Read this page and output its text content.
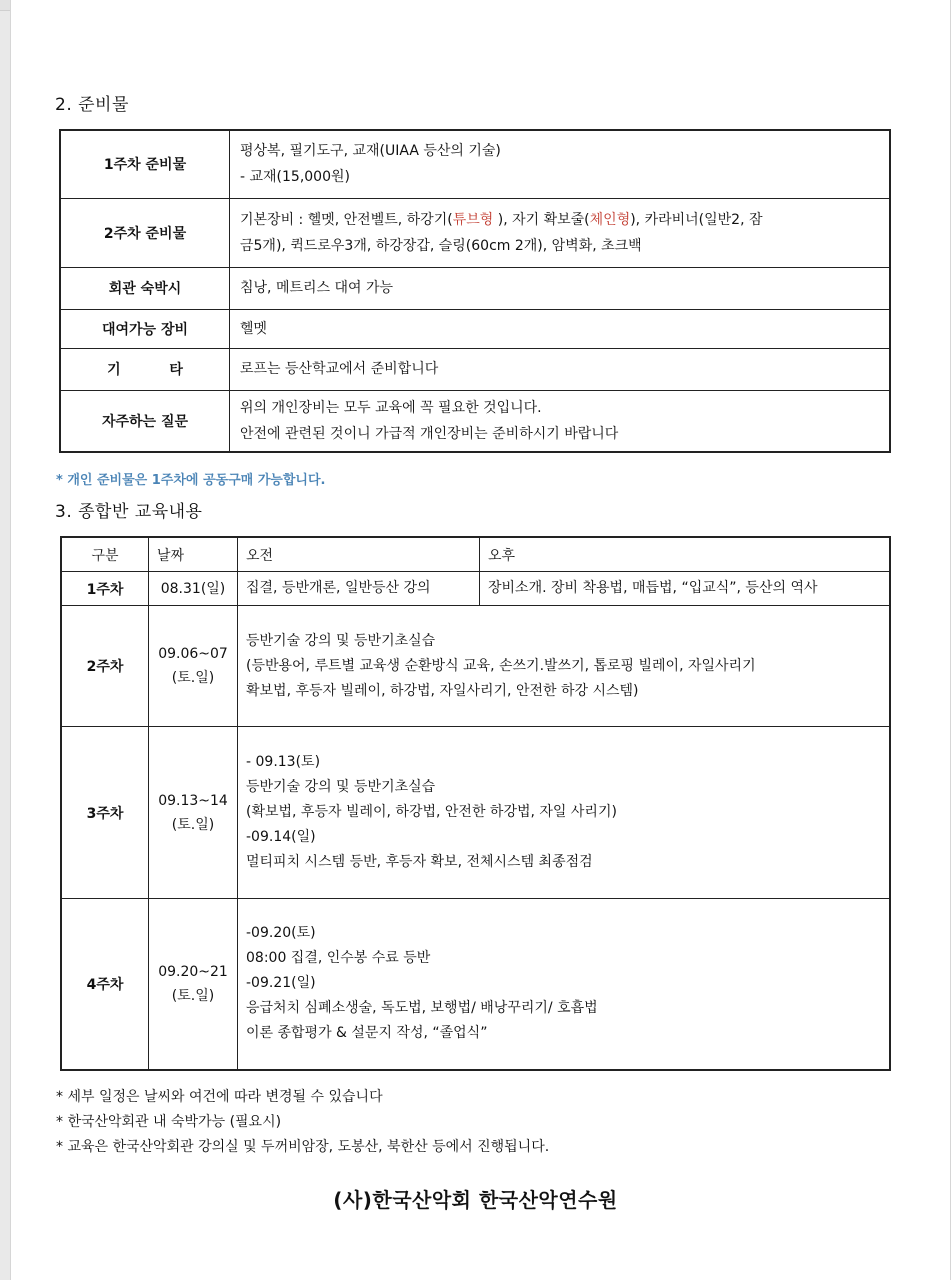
2. 준비물
1주차 준비물	평상복, 필기도구, 교재(UIAA 등산의 기술)
- 교재(15,000원)

2주차 준비물	기본장비 : 헬멧, 안전벨트, 하강기(튜브형 ), 자기 확보줄(체인형), 카라비너(일반2, 잠
금5개), 퀵드로우3개, 하강장갑, 슬링(60cm 2개), 암벽화, 초크백

회관 숙박시	침낭, 메트리스 대여 가능
대여가능 장비	헬멧
기          타	로프는 등산학교에서 준비합니다
자주하는 질문	위의 개인장비는 모두 교육에 꼭 필요한 것입니다.
안전에 관련된 것이니 가급적 개인장비는 준비하시기 바랍니다
* 개인 준비물은 1주차에 공동구매 가능합니다.
3. 종합반 교육내용
구분	날짜	오전	오후
1주차	08.31(일)	집결, 등반개론, 일반등산 강의	장비소개. 장비 착용법, 매듭법, “입교식”, 등산의 역사
2주차	09.06~07
(토.일)	등반기술 강의 및 등반기초실습
(등반용어, 루트별 교육생 순환방식 교육, 손쓰기.발쓰기, 톱로핑 빌레이, 자일사리기
확보법, 후등자 빌레이, 하강법, 자일사리기, 안전한 하강 시스템)	

3주차	09.13~14
(토.일)	- 09.13(토)
등반기술 강의 및 등반기초실습
(확보법, 후등자 빌레이, 하강법, 안전한 하강법, 자일 사리기)
-09.14(일)
멀티피치 시스템 등반, 후등자 확보, 전체시스템 최종점검	

4주차	09.20~21
(토.일)	-09.20(토)
08:00 집결, 인수봉 수료 등반
-09.21(일)
응급처치 심폐소생술, 독도법, 보행법/ 배낭꾸리기/ 호흡법
이론 종합평가 & 설문지 작성, “졸업식”	
* 세부 일정은 날씨와 여건에 따라 변경될 수 있습니다
* 한국산악회관 내 숙박가능 (필요시)
* 교육은 한국산악회관 강의실 및 두꺼비암장, 도봉산, 북한산 등에서 진행됩니다.
(사)한국산악회 한국산악연수원
